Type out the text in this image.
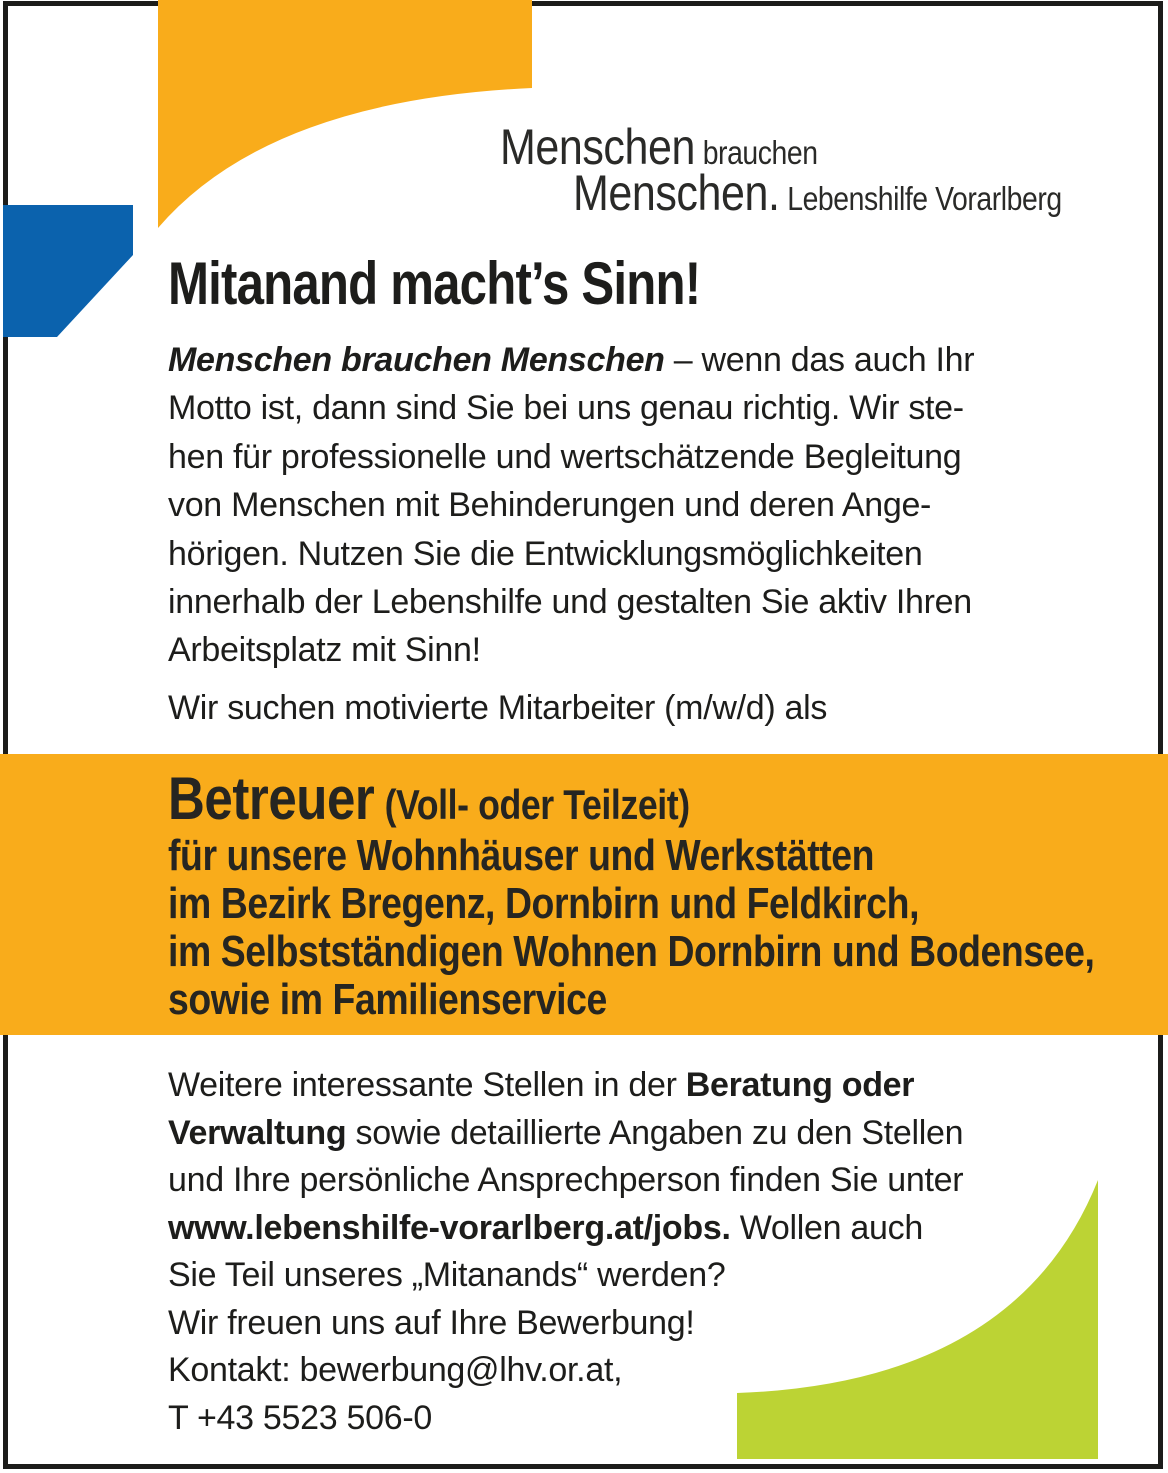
Menschen brauchen
Menschen. Lebenshilfe Vorarlberg
Mitanand macht’s Sinn!
Menschen brauchen Menschen – wenn das auch Ihr
Motto ist, dann sind Sie bei uns genau richtig. Wir ste-
hen für professionelle und wertschätzende Begleitung
von Menschen mit Behinderungen und deren Ange-
hörigen. Nutzen Sie die Entwicklungsmöglichkeiten
innerhalb der Lebenshilfe und gestalten Sie aktiv Ihren
Arbeitsplatz mit Sinn!
Wir suchen motivierte Mitarbeiter (m/w/d) als
Betreuer (Voll- oder Teilzeit)
für unsere Wohnhäuser und Werkstätten
im Bezirk Bregenz, Dornbirn und Feldkirch,
im Selbstständigen Wohnen Dornbirn und Bodensee,
sowie im Familienservice
Weitere interessante Stellen in der Beratung oder
Verwaltung sowie detaillierte Angaben zu den Stellen
und Ihre persönliche Ansprechperson finden Sie unter
www.lebenshilfe-vorarlberg.at/jobs. Wollen auch
Sie Teil unseres „Mitanands“ werden?
Wir freuen uns auf Ihre Bewerbung!
Kontakt: bewerbung@lhv.or.at,
T +43 5523 506-0
